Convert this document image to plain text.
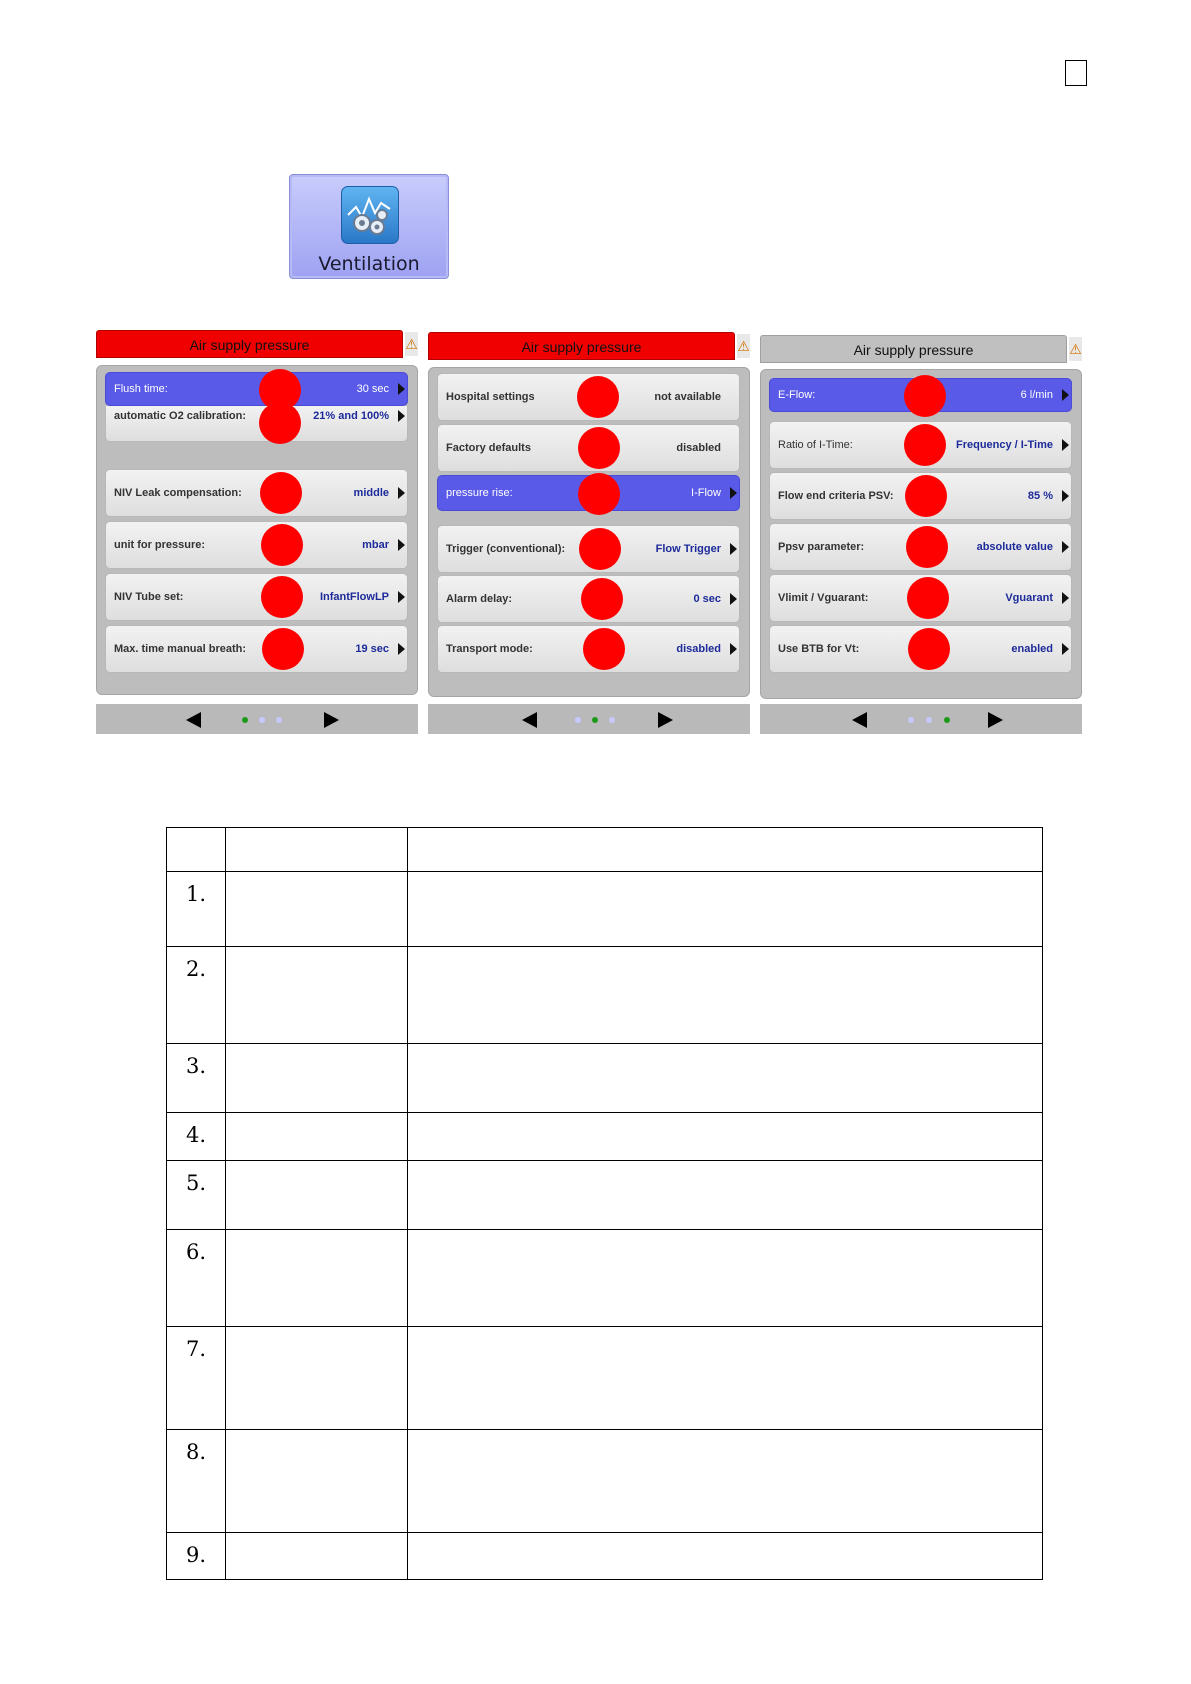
Ventilation
Air supply pressure	⚠
Flush time:	30 sec
automatic O2 calibration:	21% and 100%
NIV Leak compensation:	middle
unit for pressure:	mbar
NIV Tube set:	InfantFlowLP
Max. time manual breath:	19 sec
Air supply pressure	⚠
Hospital settings	not available
Factory defaults	disabled
pressure rise:	I-Flow
Trigger (conventional):	Flow Trigger
Alarm delay:	0 sec
Transport mode:	disabled
Air supply pressure	⚠
E-Flow:	6 l/min
Ratio of I-Time:	Frequency / I-Time
Flow end criteria PSV:	85 %
Ppsv parameter:	absolute value
Vlimit / Vguarant:	Vguarant
Use BTB for Vt:	enabled

1.		
2.		
3.		
4.		
5.		
6.		
7.		
8.		
9.		
